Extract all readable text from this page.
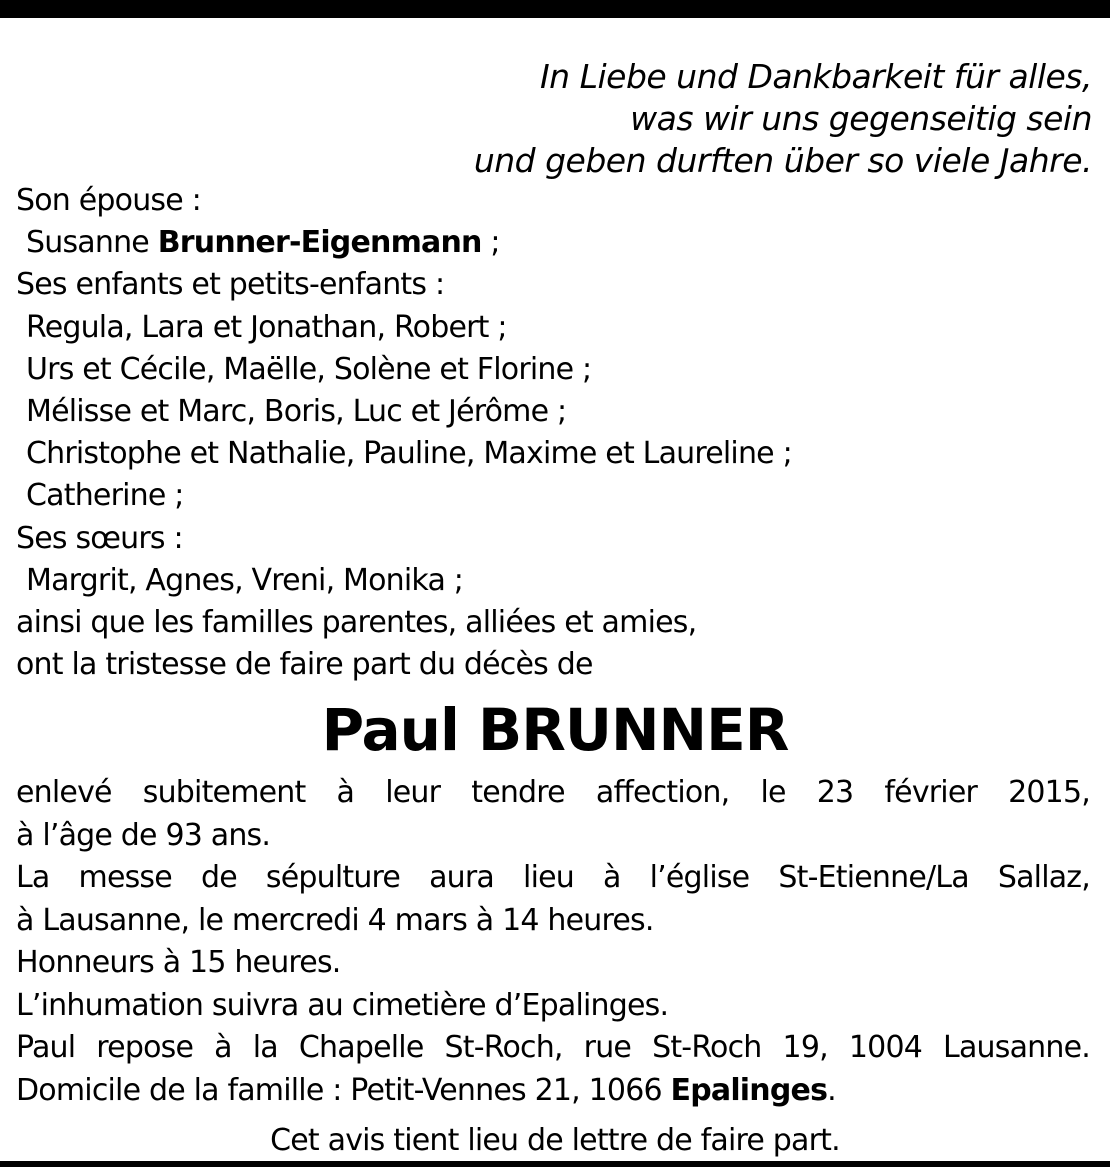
In Liebe und Dankbarkeit für alles,
was wir uns gegenseitig sein
und geben durften über so viele Jahre.
Son épouse :
Susanne Brunner-Eigenmann ;
Ses enfants et petits-enfants :
Regula, Lara et Jonathan, Robert ;
Urs et Cécile, Maëlle, Solène et Florine ;
Mélisse et Marc, Boris, Luc et Jérôme ;
Christophe et Nathalie, Pauline, Maxime et Laureline ;
Catherine ;
Ses sœurs :
Margrit, Agnes, Vreni, Monika ;
ainsi que les familles parentes, alliées et amies,
ont la tristesse de faire part du décès de
Paul BRUNNER
enlevé subitement à leur tendre affection, le 23 février 2015,
à l’âge de 93 ans.
La messe de sépulture aura lieu à l’église St-Etienne/La Sallaz,
à Lausanne, le mercredi 4 mars à 14 heures.
Honneurs à 15 heures.
L’inhumation suivra au cimetière d’Epalinges.
Paul repose à la Chapelle St-Roch, rue St-Roch 19, 1004 Lausanne.
Domicile de la famille : Petit-Vennes 21, 1066 Epalinges.
Cet avis tient lieu de lettre de faire part.
